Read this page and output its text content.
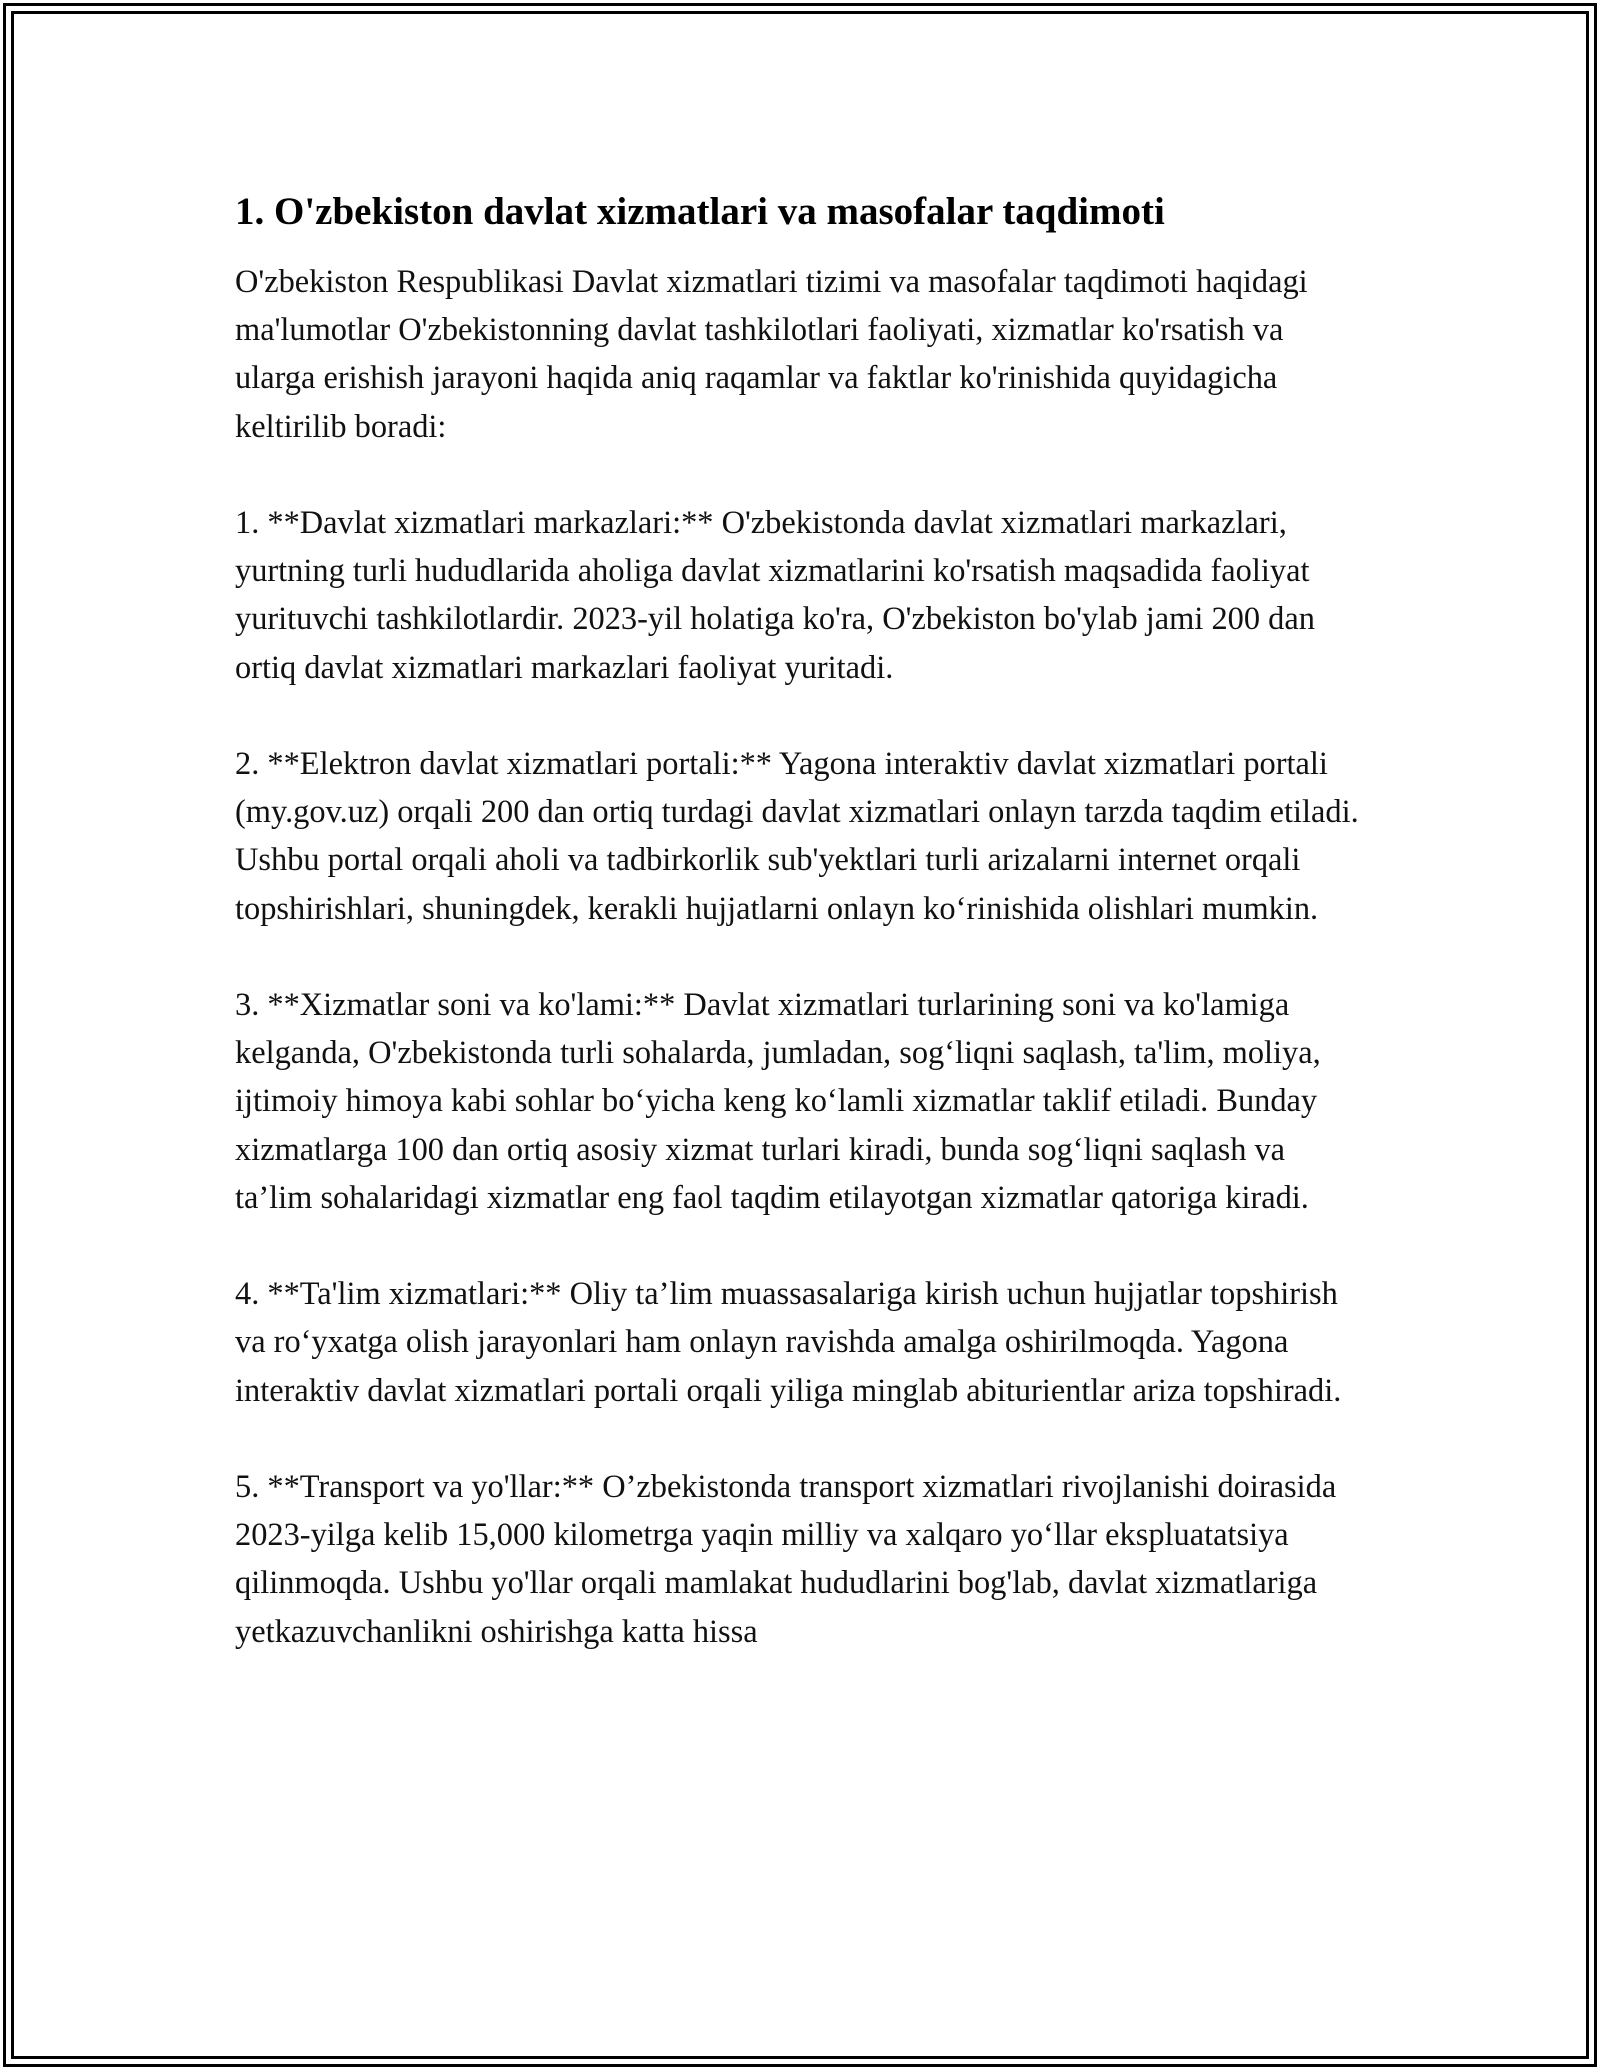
1. O'zbekiston davlat xizmatlari va masofalar taqdimoti

O'zbekiston Respublikasi Davlat xizmatlari tizimi va masofalar taqdimoti haqidagi ma'lumotlar O'zbekistonning davlat tashkilotlari faoliyati, xizmatlar ko'rsatish va ularga erishish jarayoni haqida aniq raqamlar va faktlar ko'rinishida quyidagicha keltirilib boradi:

1. **Davlat xizmatlari markazlari:** O'zbekistonda davlat xizmatlari markazlari, yurtning turli hududlarida aholiga davlat xizmatlarini ko'rsatish maqsadida faoliyat yurituvchi tashkilotlardir. 2023-yil holatiga ko'ra, O'zbekiston bo'ylab jami 200 dan ortiq davlat xizmatlari markazlari faoliyat yuritadi.

2. **Elektron davlat xizmatlari portali:** Yagona interaktiv davlat xizmatlari portali (my.gov.uz) orqali 200 dan ortiq turdagi davlat xizmatlari onlayn tarzda taqdim etiladi. Ushbu portal orqali aholi va tadbirkorlik sub'yektlari turli arizalarni internet orqali topshirishlari, shuningdek, kerakli hujjatlarni onlayn ko‘rinishida olishlari mumkin.

3. **Xizmatlar soni va ko'lami:** Davlat xizmatlari turlarining soni va ko'lamiga kelganda, O'zbekistonda turli sohalarda, jumladan, sog‘liqni saqlash, ta'lim, moliya, ijtimoiy himoya kabi sohlar bo‘yicha keng ko‘lamli xizmatlar taklif etiladi. Bunday xizmatlarga 100 dan ortiq asosiy xizmat turlari kiradi, bunda sog‘liqni saqlash va ta’lim sohalaridagi xizmatlar eng faol taqdim etilayotgan xizmatlar qatoriga kiradi.

4. **Ta'lim xizmatlari:** Oliy ta’lim muassasalariga kirish uchun hujjatlar topshirish va ro‘yxatga olish jarayonlari ham onlayn ravishda amalga oshirilmoqda. Yagona interaktiv davlat xizmatlari portali orqali yiliga minglab abiturientlar ariza topshiradi.

5. **Transport va yo'llar:** O’zbekistonda transport xizmatlari rivojlanishi doirasida 2023-yilga kelib 15,000 kilometrga yaqin milliy va xalqaro yo‘llar ekspluatatsiya qilinmoqda. Ushbu yo'llar orqali mamlakat hududlarini bog'lab, davlat xizmatlariga yetkazuvchanlikni oshirishga katta hissa
